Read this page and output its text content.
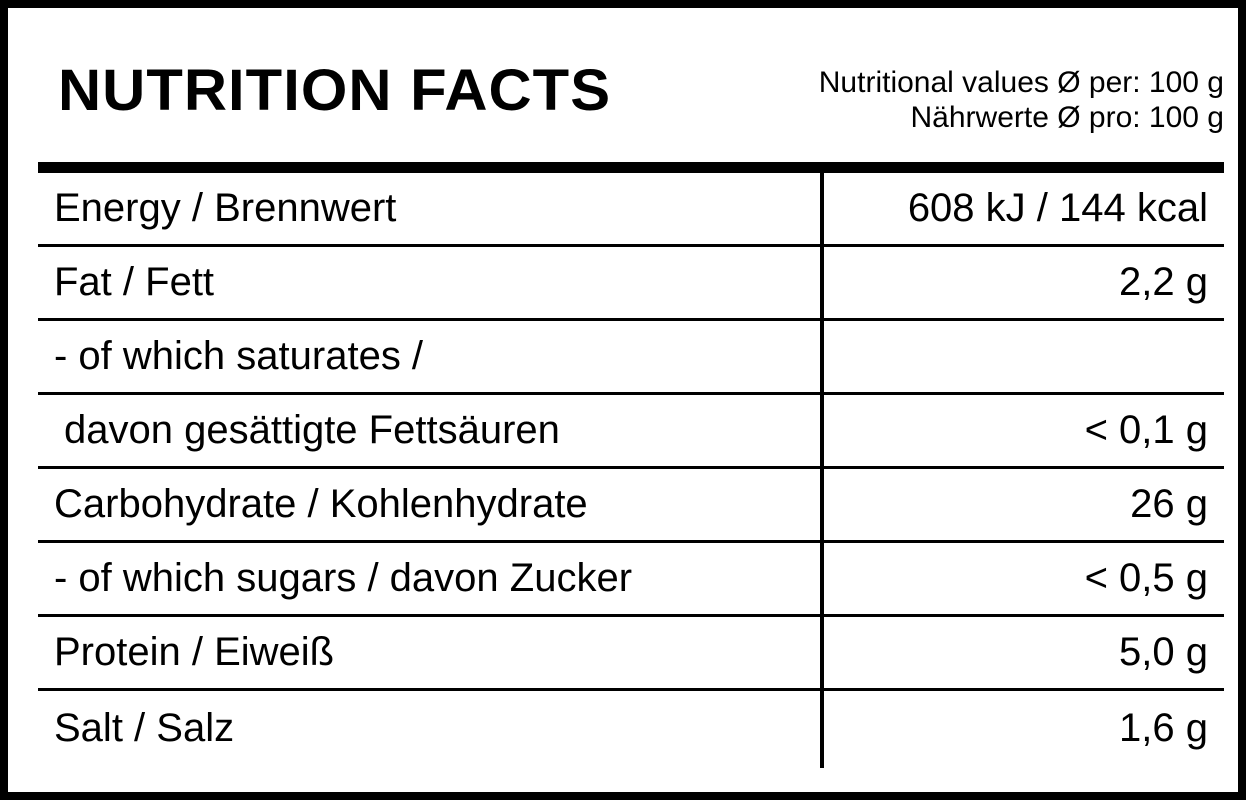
NUTRITION FACTS	Nutritional values Ø per: 100 g
Nährwerte Ø pro: 100 g
Energy / Brennwert	608 kJ / 144 kcal
Fat / Fett	2,2 g
- of which saturates /
davon gesättigte Fettsäuren	< 0,1 g
Carbohydrate / Kohlenhydrate	26 g
- of which sugars / davon Zucker	< 0,5 g
Protein / Eiweiß	5,0 g
Salt / Salz	1,6 g
